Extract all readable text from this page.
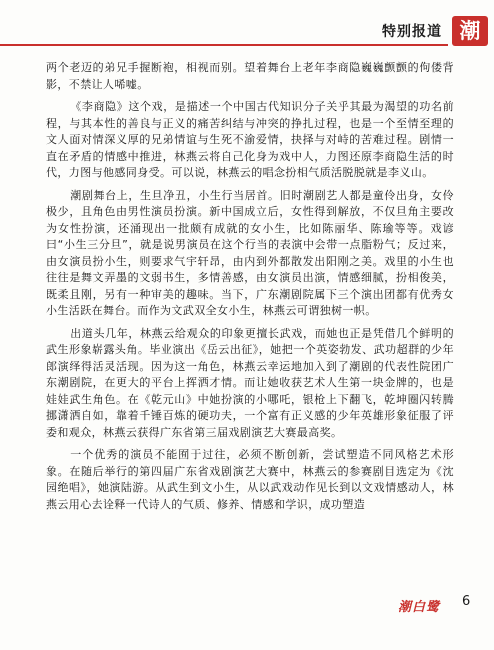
特别报道 潮

两个老迈的弟兄手握断袍，相视而别。望着舞台上老年李商隐巍巍颤颤的佝偻背影，不禁让人唏嘘。

《李商隐》这个戏，是描述一个中国古代知识分子关乎其最为渴望的功名前程，与其本性的善良与正义的痛苦纠结与冲突的挣扎过程，也是一个至情至理的文人面对情深义厚的兄弟情谊与生死不渝爱情，抉择与对峙的苦难过程。剧情一直在矛盾的情感中推进，林燕云将自己化身为戏中人，力图还原李商隐生活的时代，力图与他感同身受。可以说，林燕云的唱念扮相气质活脱脱就是李义山。

潮剧舞台上，生旦净丑，小生行当居首。旧时潮剧艺人都是童伶出身，女伶极少，且角色由男性演员扮演。新中国成立后，女性得到解放，不仅旦角主要改为女性扮演，还涌现出一批颇有成就的女小生，比如陈丽华、陈瑜等等。戏谚曰“小生三分旦”，就是说男演员在这个行当的表演中会带一点脂粉气；反过来，由女演员扮小生，则要求气宇轩昂，由内到外都散发出阳刚之美。戏里的小生也往往是舞文弄墨的文弱书生，多情善感，由女演员出演，情感细腻，扮相俊美，既柔且刚，另有一种审美的趣味。当下，广东潮剧院属下三个演出团都有优秀女小生活跃在舞台。而作为文武双全女小生，林燕云可谓独树一帜。

出道头几年，林燕云给观众的印象更擅长武戏，而她也正是凭借几个鲜明的武生形象崭露头角。毕业演出《岳云出征》，她把一个英姿勃发、武功超群的少年郎演绎得活灵活现。因为这一角色，林燕云幸运地加入到了潮剧的代表性院团广东潮剧院，在更大的平台上挥洒才情。而让她收获艺术人生第一块金牌的，也是娃娃武生角色。在《乾元山》中她扮演的小哪吒，银枪上下翻飞，乾坤圈闪转腾挪潇洒自如，靠着千锤百炼的硬功夫，一个富有正义感的少年英雄形象征服了评委和观众，林燕云获得广东省第三届戏剧演艺大赛最高奖。

一个优秀的演员不能囿于过往，必须不断创新，尝试塑造不同风格艺术形象。在随后举行的第四届广东省戏剧演艺大赛中，林燕云的参赛剧目选定为《沈园绝唱》，她演陆游。从武生到文小生，从以武戏动作见长到以文戏情感动人，林燕云用心去诠释一代诗人的气质、修养、情感和学识，成功塑造

潮白鹭 6
